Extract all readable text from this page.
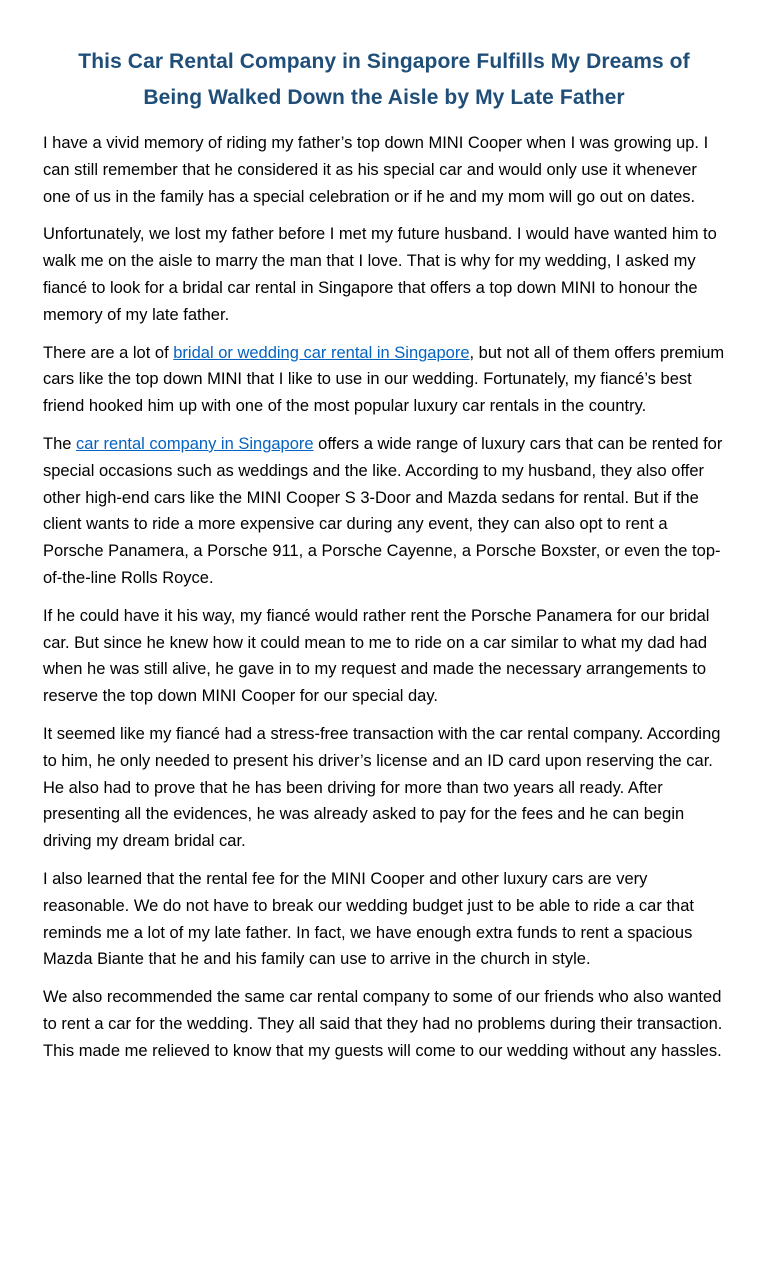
This Car Rental Company in Singapore Fulfills My Dreams of Being Walked Down the Aisle by My Late Father

I have a vivid memory of riding my father’s top down MINI Cooper when I was growing up. I can still remember that he considered it as his special car and would only use it whenever one of us in the family has a special celebration or if he and my mom will go out on dates.

Unfortunately, we lost my father before I met my future husband. I would have wanted him to walk me on the aisle to marry the man that I love. That is why for my wedding, I asked my fiancé to look for a bridal car rental in Singapore that offers a top down MINI to honour the memory of my late father.

There are a lot of bridal or wedding car rental in Singapore, but not all of them offers premium cars like the top down MINI that I like to use in our wedding. Fortunately, my fiancé’s best friend hooked him up with one of the most popular luxury car rentals in the country.

The car rental company in Singapore offers a wide range of luxury cars that can be rented for special occasions such as weddings and the like. According to my husband, they also offer other high-end cars like the MINI Cooper S 3-Door and Mazda sedans for rental. But if the client wants to ride a more expensive car during any event, they can also opt to rent a Porsche Panamera, a Porsche 911, a Porsche Cayenne, a Porsche Boxster, or even the top-of-the-line Rolls Royce.

If he could have it his way, my fiancé would rather rent the Porsche Panamera for our bridal car. But since he knew how it could mean to me to ride on a car similar to what my dad had when he was still alive, he gave in to my request and made the necessary arrangements to reserve the top down MINI Cooper for our special day.

It seemed like my fiancé had a stress-free transaction with the car rental company. According to him, he only needed to present his driver’s license and an ID card upon reserving the car. He also had to prove that he has been driving for more than two years all ready. After presenting all the evidences, he was already asked to pay for the fees and he can begin driving my dream bridal car.

I also learned that the rental fee for the MINI Cooper and other luxury cars are very reasonable. We do not have to break our wedding budget just to be able to ride a car that reminds me a lot of my late father. In fact, we have enough extra funds to rent a spacious Mazda Biante that he and his family can use to arrive in the church in style.

We also recommended the same car rental company to some of our friends who also wanted to rent a car for the wedding. They all said that they had no problems during their transaction. This made me relieved to know that my guests will come to our wedding without any hassles.
